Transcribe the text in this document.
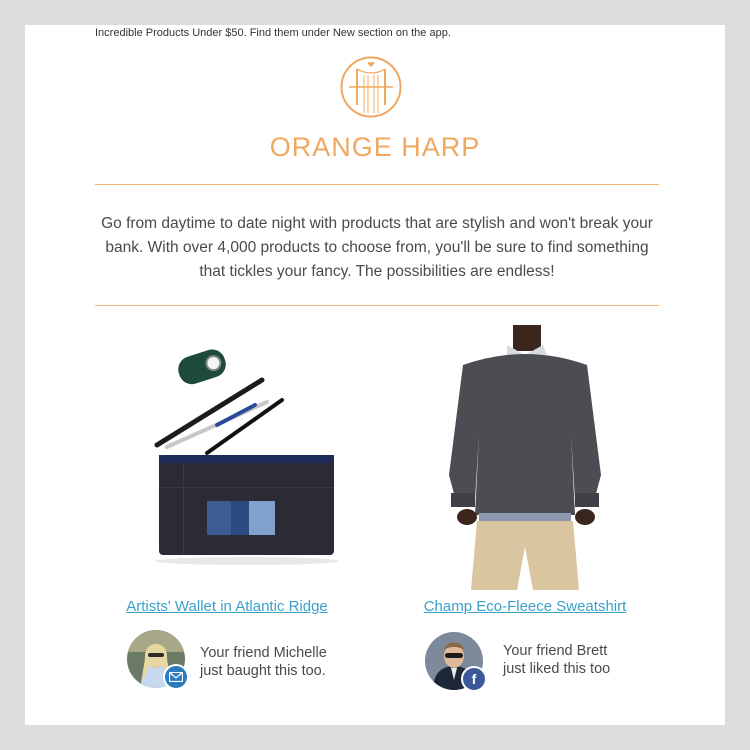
Incredible Products Under $50. Find them under New section on the app.
ORANGE HARP
Go from daytime to date night with products that are stylish and won't break your bank. With over 4,000 products to choose from, you'll be sure to find something that tickles your fancy. The possibilities are endless!
Artists' Wallet in Atlantic Ridge
Your friend Michelle
just baught this too.
Champ Eco-Fleece Sweatshirt
f
Your friend Brett
just liked this too
